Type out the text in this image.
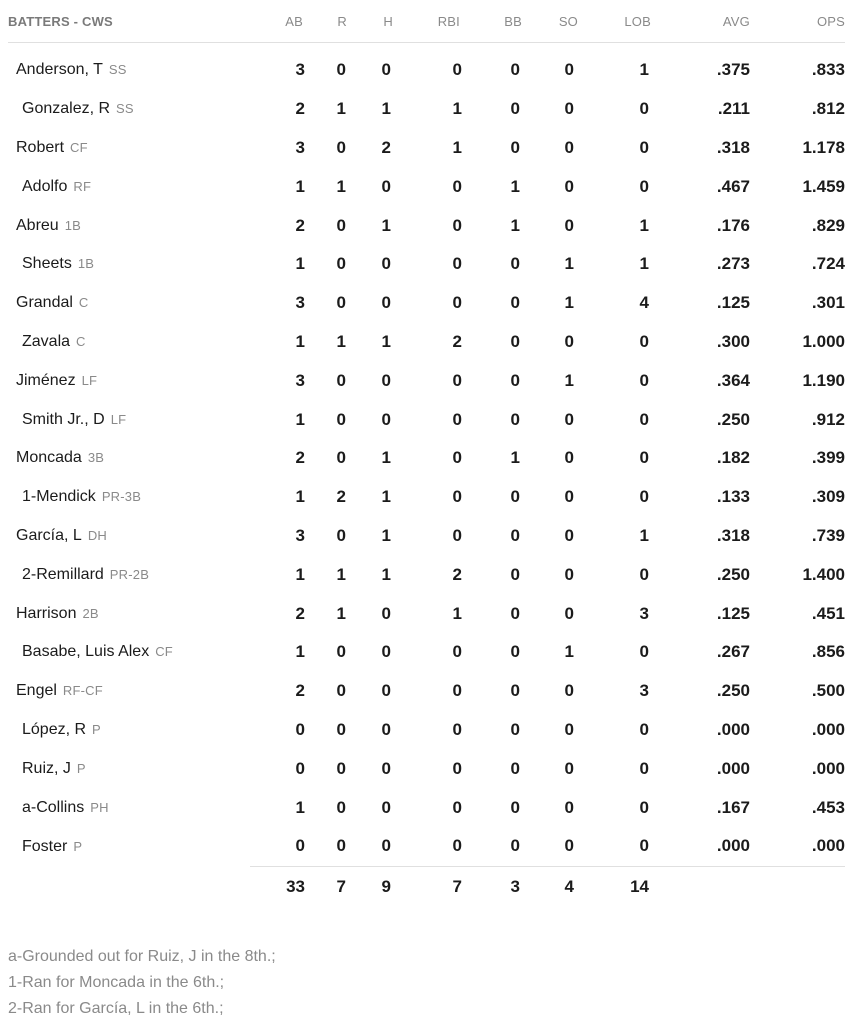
BATTERS - CWS	AB	R	H	RBI	BB	SO	LOB	AVG	OPS
Anderson, T SS	3	0	0	0	0	0	1	.375	.833
Gonzalez, R SS	2	1	1	1	0	0	0	.211	.812
Robert CF	3	0	2	1	0	0	0	.318	1.178
Adolfo RF	1	1	0	0	1	0	0	.467	1.459
Abreu 1B	2	0	1	0	1	0	1	.176	.829
Sheets 1B	1	0	0	0	0	1	1	.273	.724
Grandal C	3	0	0	0	0	1	4	.125	.301
Zavala C	1	1	1	2	0	0	0	.300	1.000
Jiménez LF	3	0	0	0	0	1	0	.364	1.190
Smith Jr., D LF	1	0	0	0	0	0	0	.250	.912
Moncada 3B	2	0	1	0	1	0	0	.182	.399
1-Mendick PR-3B	1	2	1	0	0	0	0	.133	.309
García, L DH	3	0	1	0	0	0	1	.318	.739
2-Remillard PR-2B	1	1	1	2	0	0	0	.250	1.400
Harrison 2B	2	1	0	1	0	0	3	.125	.451
Basabe, Luis Alex CF	1	0	0	0	0	1	0	.267	.856
Engel RF-CF	2	0	0	0	0	0	3	.250	.500
López, R P	0	0	0	0	0	0	0	.000	.000
Ruiz, J P	0	0	0	0	0	0	0	.000	.000
a-Collins PH	1	0	0	0	0	0	0	.167	.453
Foster P	0	0	0	0	0	0	0	.000	.000
	33	7	9	7	3	4	14		
a-Grounded out for Ruiz, J in the 8th.;
1-Ran for Moncada in the 6th.;
2-Ran for García, L in the 6th.;
